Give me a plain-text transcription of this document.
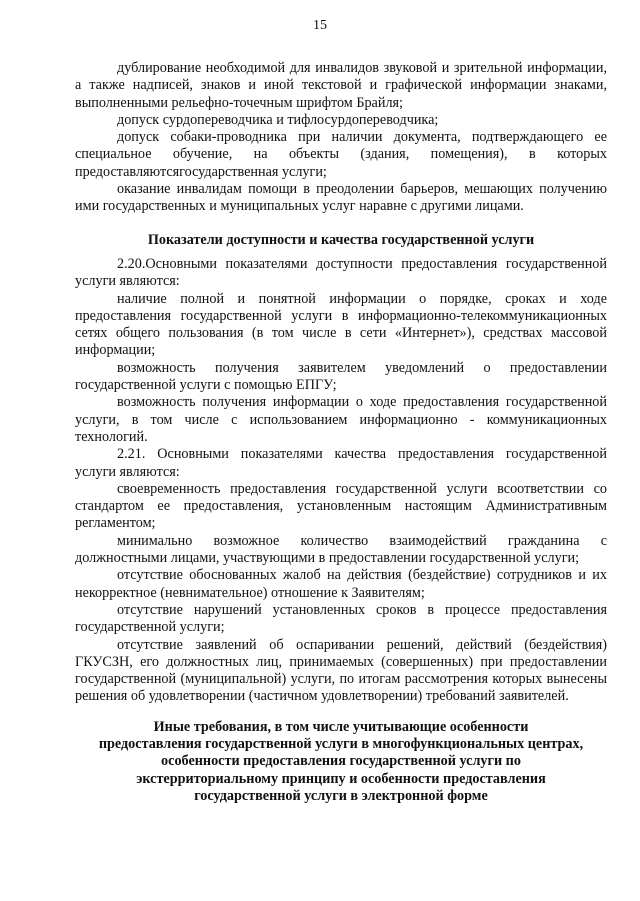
15

дублирование необходимой для инвалидов звуковой и зрительной информации, а также надписей, знаков и иной текстовой и графической информации знаками, выполненными рельефно-точечным шрифтом Брайля;

допуск сурдопереводчика и тифлосурдопереводчика;

допуск собаки-проводника при наличии документа, подтверждающего ее специальное обучение, на объекты (здания, помещения), в которых предоставляютсягосударственная услуги;

оказание инвалидам помощи в преодолении барьеров, мешающих получению ими государственных и муниципальных услуг наравне с другими лицами.

Показатели доступности и качества государственной услуги

2.20.Основными показателями доступности предоставления государственной услуги являются:

наличие полной и понятной информации о порядке, сроках и ходе предоставления государственной услуги в информационно-телекоммуникационных сетях общего пользования (в том числе в сети «Интернет»), средствах массовой информации;

возможность получения заявителем уведомлений о предоставлении государственной услуги с помощью ЕПГУ;

возможность получения информации о ходе предоставления государственной услуги, в том числе с использованием информационно - коммуникационных технологий.

2.21. Основными показателями качества предоставления государственной услуги являются:

своевременность предоставления государственной услуги всоответствии со стандартом ее предоставления, установленным настоящим Административным регламентом;

минимально возможное количество взаимодействий гражданина с должностными лицами, участвующими в предоставлении государственной услуги;

отсутствие обоснованных жалоб на действия (бездействие) сотрудников и их некорректное (невнимательное) отношение к Заявителям;

отсутствие нарушений установленных сроков в процессе предоставления государственной услуги;

отсутствие заявлений об оспаривании решений, действий (бездействия) ГКУСЗН, его должностных лиц, принимаемых (совершенных) при предоставлении государственной (муниципальной) услуги, по итогам рассмотрения которых вынесены решения об удовлетворении (частичном удовлетворении) требований заявителей.

Иные требования, в том числе учитывающие особенности
предоставления государственной услуги в многофункциональных центрах,
особенности предоставления государственной услуги по
экстерриториальному принципу и особенности предоставления
государственной услуги в электронной форме
